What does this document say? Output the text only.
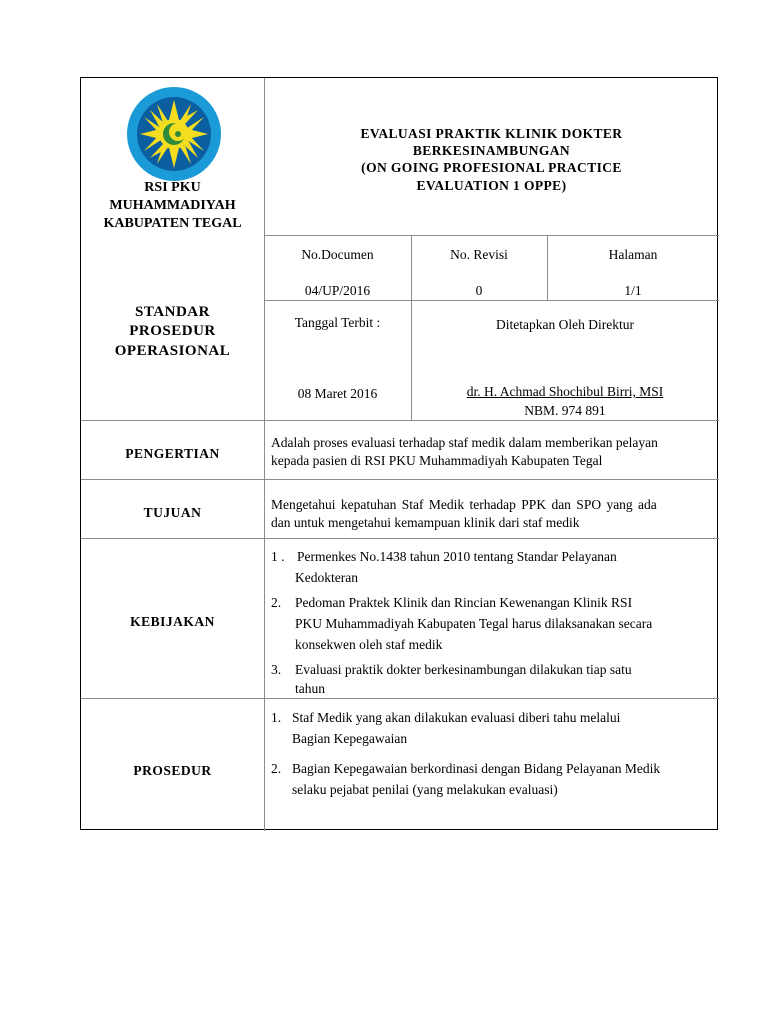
RSI PKU
MUHAMMADIYAH
KABUPATEN TEGAL
EVALUASI PRAKTIK KLINIK DOKTER
BERKESINAMBUNGAN
(ON GOING PROFESIONAL PRACTICE
EVALUATION 1 OPPE)
STANDAR
PROSEDUR
OPERASIONAL
No.Documen
04/UP/2016
No. Revisi
0
Halaman
1/1
Tanggal Terbit :
08 Maret 2016
Ditetapkan Oleh Direktur
dr. H. Achmad Shochibul Birri, MSI
NBM. 974 891
PENGERTIAN
Adalah proses evaluasi terhadap staf medik dalam memberikan pelayan
kepada pasien di RSI PKU Muhammadiyah Kabupaten Tegal
TUJUAN
Mengetahui kepatuhan Staf Medik terhadap PPK dan SPO yang ada
dan untuk mengetahui kemampuan klinik dari staf medik
KEBIJAKAN
1 . Permenkes No.1438 tahun 2010 tentang Standar Pelayanan
Kedokteran
2. Pedoman Praktek Klinik dan Rincian Kewenangan Klinik RSI
PKU Muhammadiyah Kabupaten Tegal harus dilaksanakan secara
konsekwen oleh staf medik
3. Evaluasi praktik dokter berkesinambungan dilakukan tiap satu
tahun
PROSEDUR
1. Staf Medik yang akan dilakukan evaluasi diberi tahu melalui
Bagian Kepegawaian
2. Bagian Kepegawaian berkordinasi dengan Bidang Pelayanan Medik
selaku pejabat penilai (yang melakukan evaluasi)
